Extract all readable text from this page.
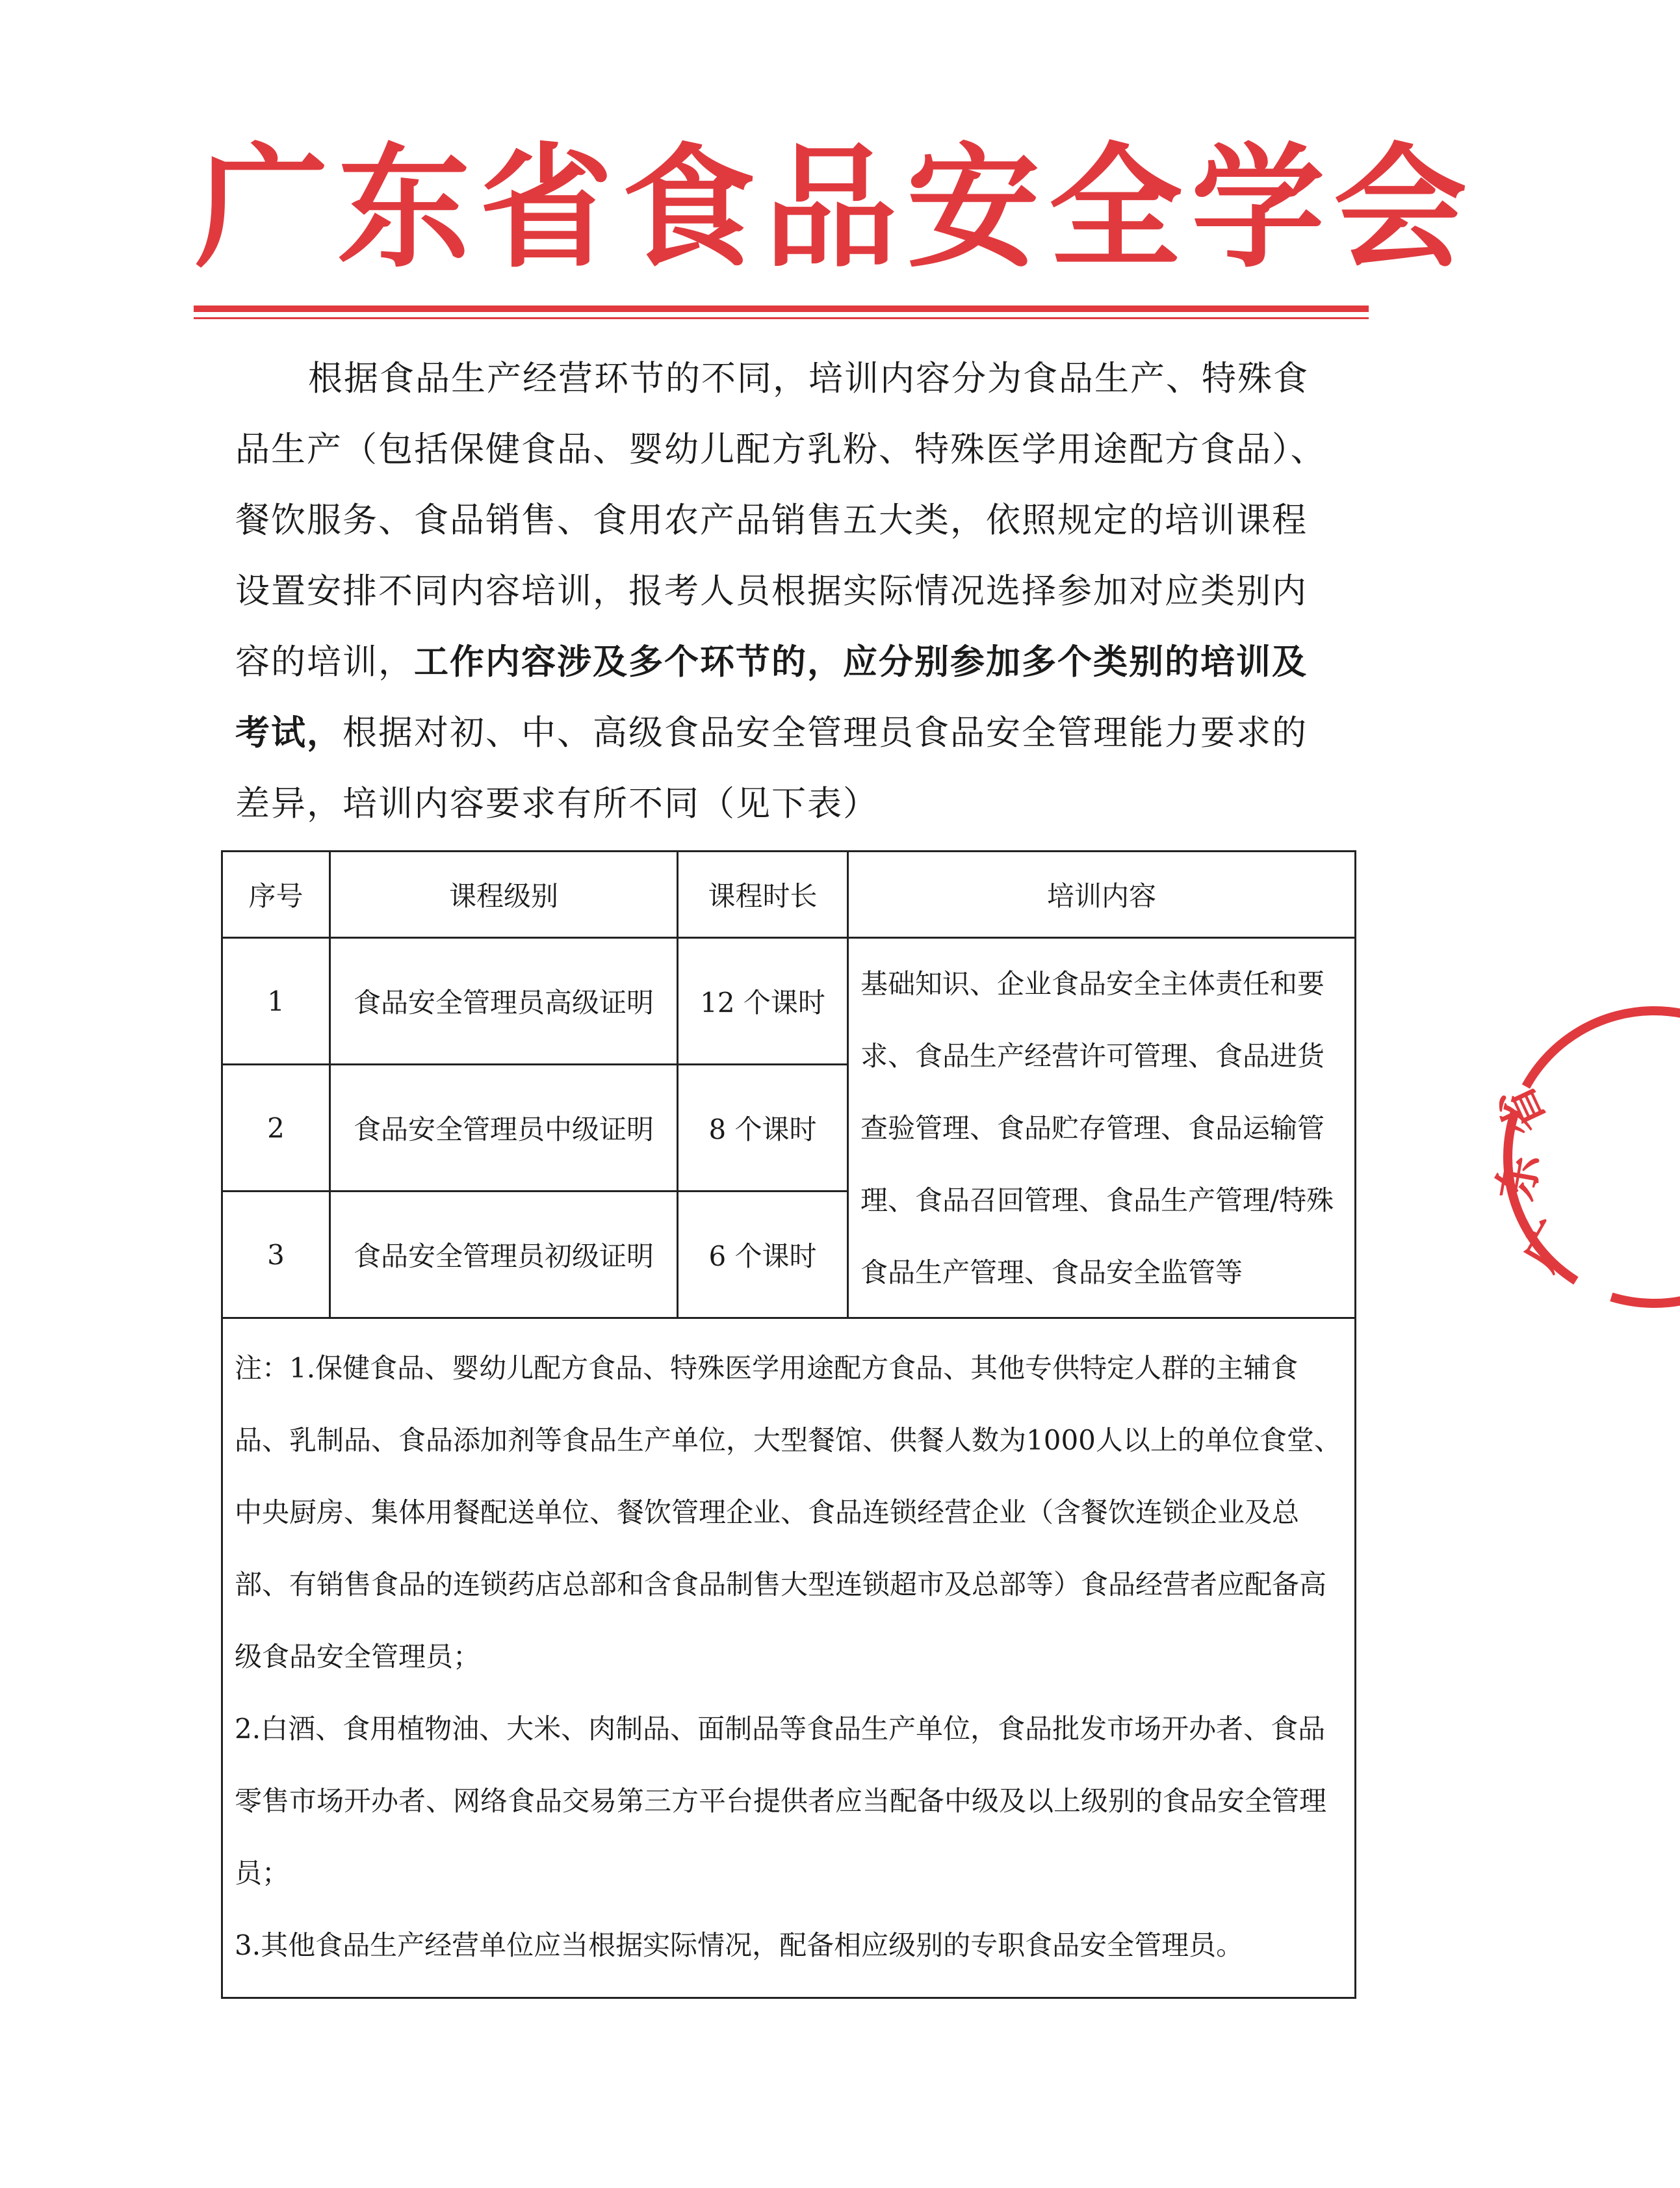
广东省食品安全学会
根据食品生产经营环节的不同，培训内容分为食品生产、特殊食品生产（包括保健食品、婴幼儿配方乳粉、特殊医学用途配方食品）、餐饮服务、食品销售、食用农产品销售五大类，依照规定的培训课程设置安排不同内容培训，报考人员根据实际情况选择参加对应类别内容的培训，工作内容涉及多个环节的，应分别参加多个类别的培训及考试，根据对初、中、高级食品安全管理员食品安全管理能力要求的差异，培训内容要求有所不同（见下表）
序号	课程级别	课程时长	培训内容
1	食品安全管理员高级证明	12 个课时	基础知识、企业食品安全主体责任和要求、食品生产经营许可管理、食品进货查验管理、食品贮存管理、食品运输管理、食品召回管理、食品生产管理/特殊食品生产管理、食品安全监管等
2	食品安全管理员中级证明	8 个课时	
3	食品安全管理员初级证明	6 个课时	

注：1.保健食品、婴幼儿配方食品、特殊医学用途配方食品、其他专供特定人群的主辅食品、乳制品、食品添加剂等食品生产单位，大型餐馆、供餐人数为1000人以上的单位食堂、中央厨房、集体用餐配送单位、餐饮管理企业、食品连锁经营企业（含餐饮连锁企业及总部、有销售食品的连锁药店总部和含食品制售大型连锁超市及总部等）食品经营者应配备高级食品安全管理员；

2.白酒、食用植物油、大米、肉制品、面制品等食品生产单位，食品批发市场开办者、食品零售市场开办者、网络食品交易第三方平台提供者应当配备中级及以上级别的食品安全管理员；

3.其他食品生产经营单位应当根据实际情况，配备相应级别的专职食品安全管理员。			

广
东
省
